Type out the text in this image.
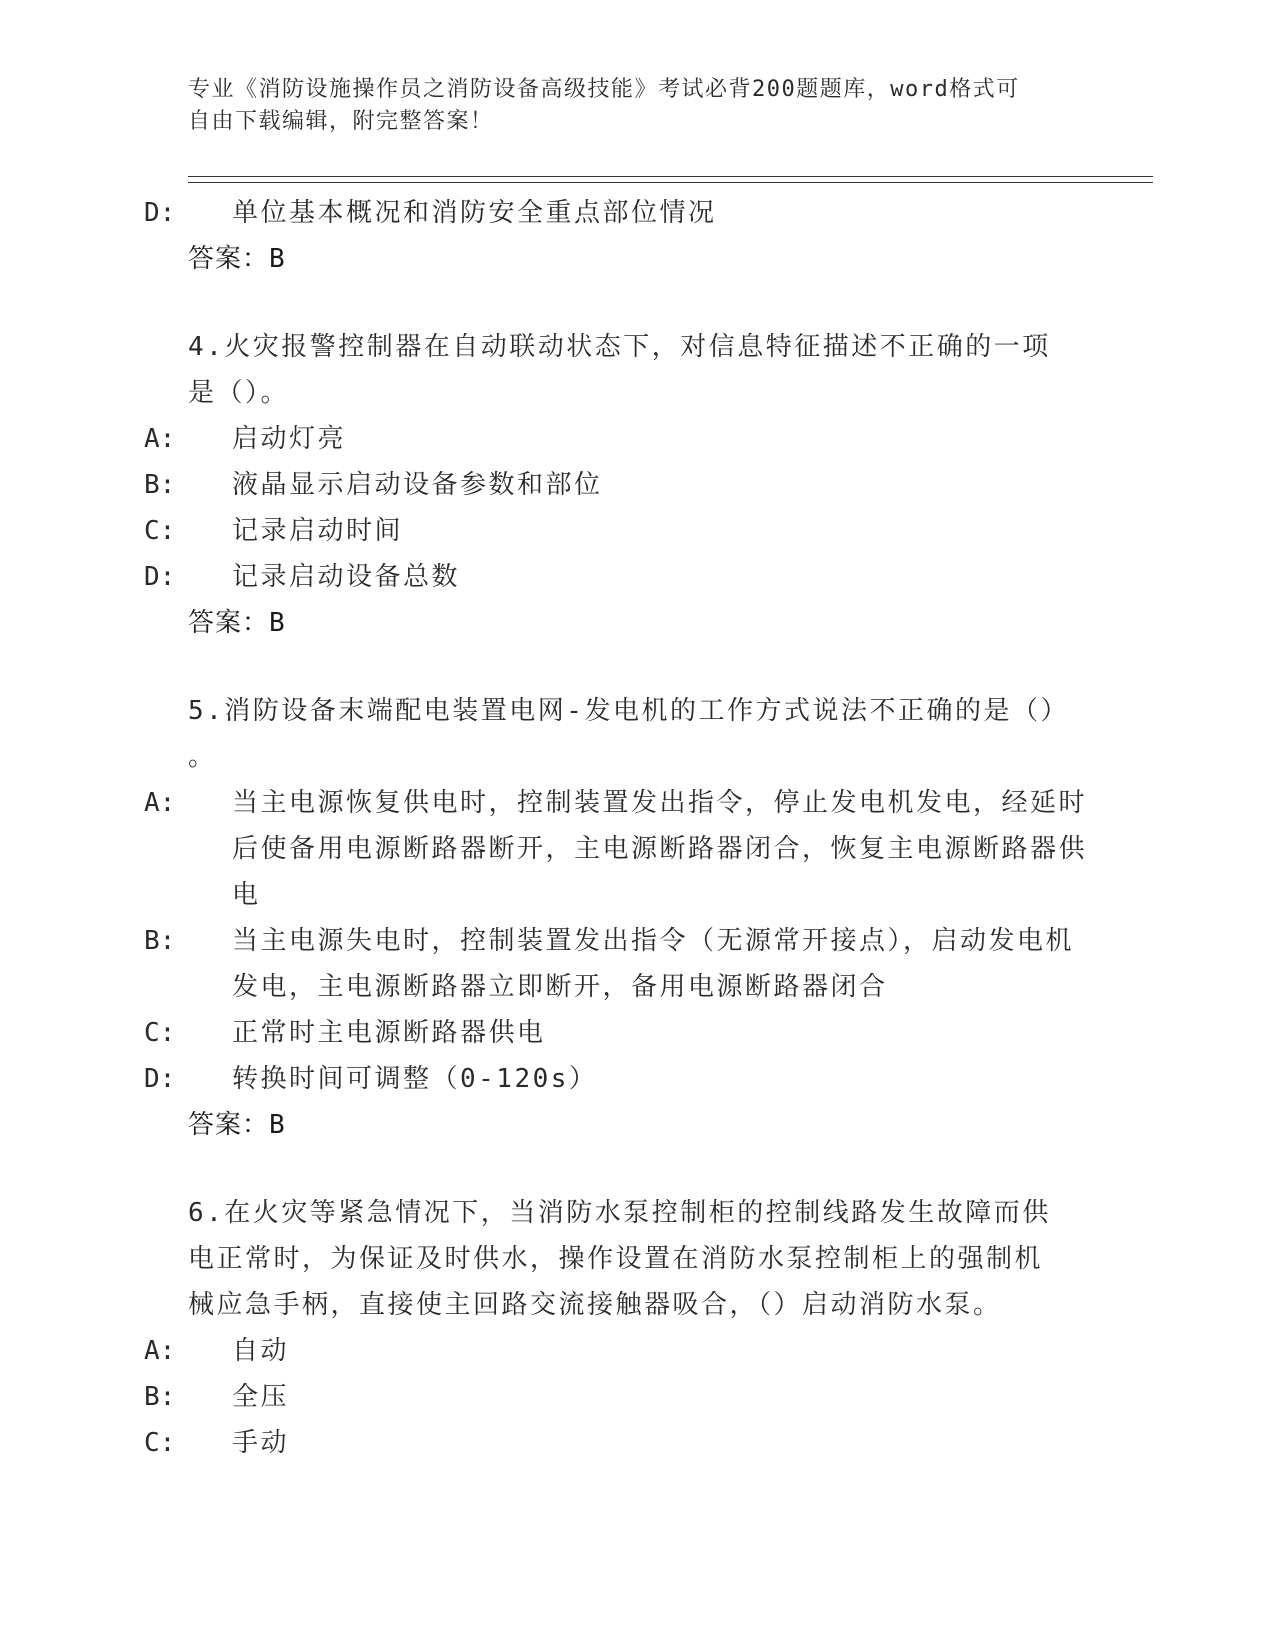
专业《消防设施操作员之消防设备高级技能》考试必背200题题库，word格式可
自由下载编辑，附完整答案！
D: 单位基本概况和消防安全重点部位情况
答案：B
4.火灾报警控制器在自动联动状态下，对信息特征描述不正确的一项
是（）。
A: 启动灯亮
B: 液晶显示启动设备参数和部位
C: 记录启动时间
D: 记录启动设备总数
答案：B
5.消防设备末端配电装置电网-发电机的工作方式说法不正确的是（）
。
A: 当主电源恢复供电时，控制装置发出指令，停止发电机发电，经延时后使备用电源断路器断开，主电源断路器闭合，恢复主电源断路器供电
B: 当主电源失电时，控制装置发出指令（无源常开接点），启动发电机发电，主电源断路器立即断开，备用电源断路器闭合
C: 正常时主电源断路器供电
D: 转换时间可调整（0-120s）
答案：B
6.在火灾等紧急情况下，当消防水泵控制柜的控制线路发生故障而供
电正常时，为保证及时供水，操作设置在消防水泵控制柜上的强制机
械应急手柄，直接使主回路交流接触器吸合，（）启动消防水泵。
A: 自动
B: 全压
C: 手动
